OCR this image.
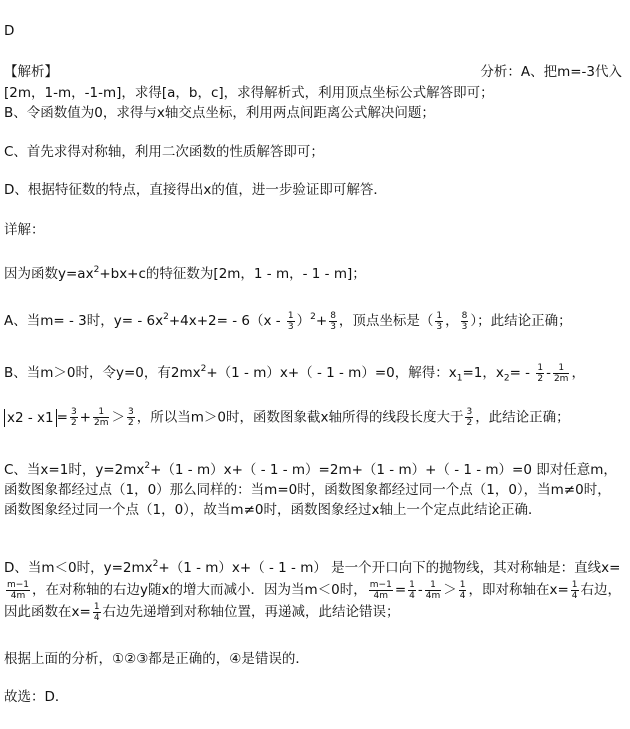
D
【解析】	分析：A、把m=-3代入
[2m，1-m，-1-m]，求得[a，b，c]，求得解析式，利用顶点坐标公式解答即可；
B、令函数值为0，求得与x轴交点坐标，利用两点间距离公式解决问题；
C、首先求得对称轴，利用二次函数的性质解答即可；
D、根据特征数的特点，直接得出x的值，进一步验证即可解答．
详解：
因为函数$y=ax^2+bx+c$的特征数为[2m，1 - m，- 1 - m]；
A、当m= - 3时，$y= - 6x^2+4x+2= - 6(x - \frac{1}{3} )^2+ \frac{8}{3}$ ，顶点坐标是（ $\frac{1}{3}$ ， $\frac{8}{3}$ ）；此结论正确；
B、当m＞0时，令y=0，有$2mx^2+(1 - m)x+( - 1 - m)=0$，解得：$x_1=1$，$x_2= - \frac{1}{2} - \frac{1}{2m}$ ，
$x2 - x1 = \frac{3}{2} + \frac{1}{2m} > \frac{3}{2}$ ，所以当m＞0时，函数图象截x轴所得的线段长度大于 $\frac{3}{2}$ ，此结论正确；
C、当x=1时，$y=2mx^2+(1 - m)x+( - 1 - m)=2m+(1 - m)+( - 1 - m)=0$ 即对任意m，函数图象都经过点（1，0）那么同样的：当m=0时，函数图象都经过同一个点（1，0），当m≠0时，函数图象经过同一个点（1，0），故当m≠0时，函数图象经过x轴上一个定点此结论正确．
D、当m＜0时，$y=2mx^2+(1 - m)x+( - 1 - m)$ 是一个开口向下的抛物线，其对称轴是：直线x=
$\frac{m-1}{4m}$ ，在对称轴的右边y随x的增大而减小．因为当m＜0时， $\frac{m-1}{4m} = \frac{1}{4} - \frac{1}{4m} > \frac{1}{4}$ ，即对称轴在$x= \frac{1}{4}$ 右边，因此函数在$x= \frac{1}{4}$ 右边先递增到对称轴位置，再递减，此结论错误；
根据上面的分析，①②③都是正确的，④是错误的．
故选：D．
